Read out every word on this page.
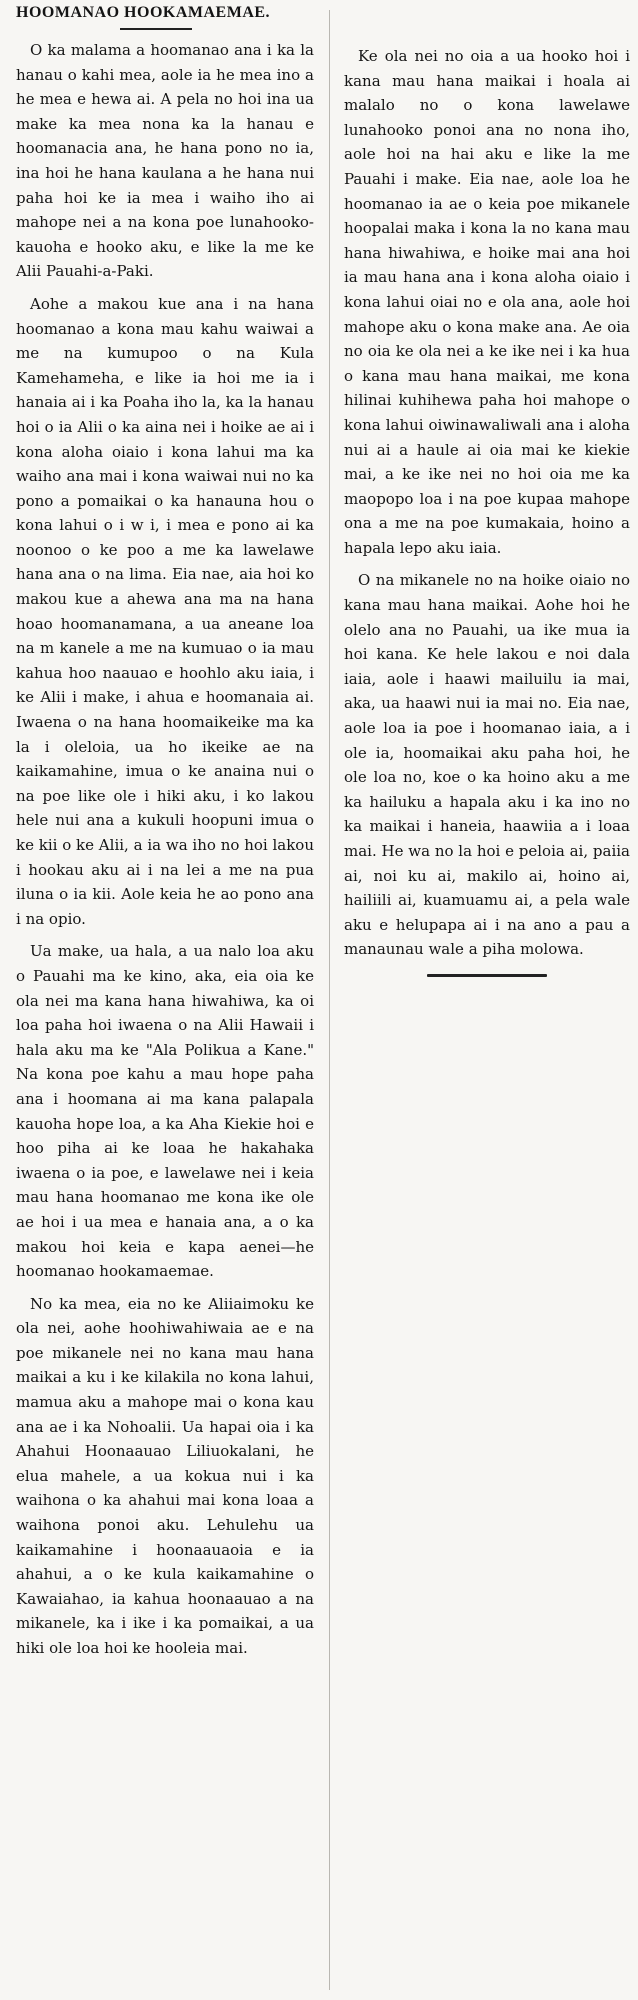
HOOMANAO HOOKAMAEMAE.

O ka malama a hoomanao ana i ka la hanau o kahi mea, aole ia he mea ino a he mea e hewa ai. A pela no hoi ina ua make ka mea nona ka la hanau e hoomanacia ana, he hana pono no ia, ina hoi he hana kaulana a he hana nui paha hoi ke ia mea i waiho iho ai mahope nei a na kona poe lunahooko-kauoha e hooko aku, e like la me ke Alii Pauahi-a-Paki.

Aohe a makou kue ana i na hana hoomanao a kona mau kahu waiwai a me na kumupoo o na Kula Kamehameha, e like ia hoi me ia i hanaia ai i ka Poaha iho la, ka la hanau hoi o ia Alii o ka aina nei i hoike ae ai i kona aloha oiaio i kona lahui ma ka waiho ana mai i kona waiwai nui no ka pono a pomaikai o ka hanauna hou o kona lahui o i w i, i mea e pono ai ka noonoo o ke poo a me ka lawelawe hana ana o na lima. Eia nae, aia hoi ko makou kue a ahewa ana ma na hana hoao hoomanamana, a ua aneane loa na m kanele a me na kumuao o ia mau kahua hoo naauao e hoohlo aku iaia, i ke Alii i make, i ahua e hoomanaia ai. Iwaena o na hana hoomaikeike ma ka la i oleloia, ua ho ikeike ae na kaikamahine, imua o ke anaina nui o na poe like ole i hiki aku, i ko lakou hele nui ana a kukuli hoopuni imua o ke kii o ke Alii, a ia wa iho no hoi lakou i hookau aku ai i na lei a me na pua iluna o ia kii. Aole keia he ao pono ana i na opio.

Ua make, ua hala, a ua nalo loa aku o Pauahi ma ke kino, aka, eia oia ke ola nei ma kana hana hiwahiwa, ka oi loa paha hoi iwaena o na Alii Hawaii i hala aku ma ke "Ala Polikua a Kane." Na kona poe kahu a mau hope paha ana i hoomana ai ma kana palapala kauoha hope loa, a ka Aha Kiekie hoi e hoo piha ai ke loaa he hakahaka iwaena o ia poe, e lawelawe nei i keia mau hana hoomanao me kona ike ole ae hoi i ua mea e hanaia ana, a o ka makou hoi keia e kapa aenei—he hoomanao hookamaemae.

No ka mea, eia no ke Aliiaimoku ke ola nei, aohe hoohiwahiwaia ae e na poe mikanele nei no kana mau hana maikai a ku i ke kilakila no kona lahui, mamua aku a mahope mai o kona kau ana ae i ka Nohoalii. Ua hapai oia i ka Ahahui Hoonaauao Liliuokalani, he elua mahele, a ua kokua nui i ka waihona o ka ahahui mai kona loaa a waihona ponoi aku. Lehulehu ua kaikamahine i hoonaauaoia e ia ahahui, a o ke kula kaikamahine o Kawaiahao, ia kahua hoonaauao a na mikanele, ka i ike i ka pomaikai, a ua hiki ole loa hoi ke hooleia mai.

Ke ola nei no oia a ua hooko hoi i kana mau hana maikai i hoala ai malalo no o kona lawelawe lunahooko ponoi ana no nona iho, aole hoi na hai aku e like la me Pauahi i make. Eia nae, aole loa he hoomanao ia ae o keia poe mikanele hoopalai maka i kona la no kana mau hana hiwahiwa, e hoike mai ana hoi ia mau hana ana i kona aloha oiaio i kona lahui oiai no e ola ana, aole hoi mahope aku o kona make ana. Ae oia no oia ke ola nei a ke ike nei i ka hua o kana mau hana maikai, me kona hilinai kuhihewa paha hoi mahope o kona lahui oiwinawaliwali ana i aloha nui ai a haule ai oia mai ke kiekie mai, a ke ike nei no hoi oia me ka maopopo loa i na poe kupaa mahope ona a me na poe kumakaia, hoino a hapala lepo aku iaia.

O na mikanele no na hoike oiaio no kana mau hana maikai. Aohe hoi he olelo ana no Pauahi, ua ike mua ia hoi kana. Ke hele lakou e noi dala iaia, aole i haawi mailuilu ia mai, aka, ua haawi nui ia mai no. Eia nae, aole loa ia poe i hoomanao iaia, a i ole ia, hoomaikai aku paha hoi, he ole loa no, koe o ka hoino aku a me ka hailuku a hapala aku i ka ino no ka maikai i haneia, haawiia a i loaa mai. He wa no la hoi e peloia ai, paiia ai, noi ku ai, makilo ai, hoino ai, hailiili ai, kuamuamu ai, a pela wale aku e helupapa ai i na ano a pau a manaunau wale a piha molowa.
